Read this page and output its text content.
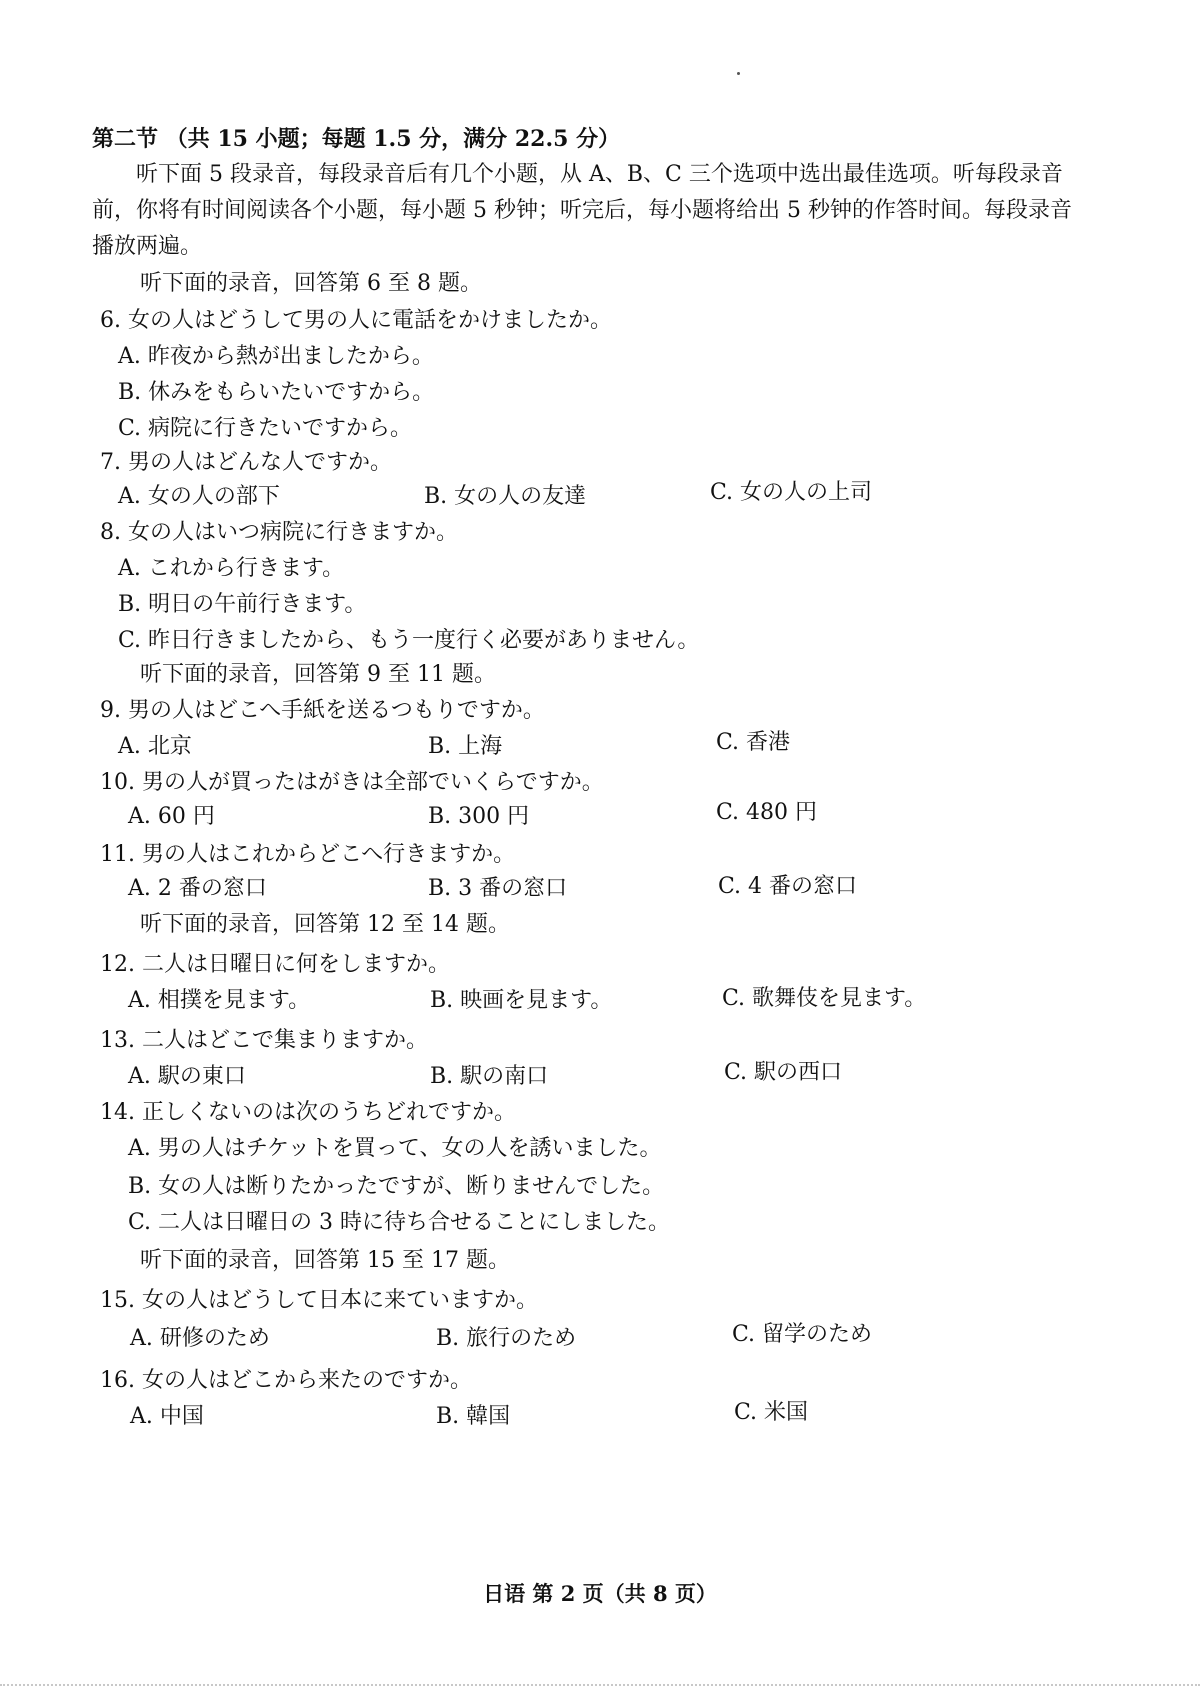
第二节 （共 15 小题；每题 1.5 分，满分 22.5 分）
听下面 5 段录音，每段录音后有几个小题，从 A、B、C 三个选项中选出最佳选项。听每段录音
前，你将有时间阅读各个小题，每小题 5 秒钟；听完后，每小题将给出 5 秒钟的作答时间。每段录音
播放两遍。
听下面的录音，回答第 6 至 8 题。
6. 女の人はどうして男の人に電話をかけましたか。
A. 昨夜から熱が出ましたから。
B. 休みをもらいたいですから。
C. 病院に行きたいですから。
7. 男の人はどんな人ですか。
A. 女の人の部下	B. 女の人の友達	C. 女の人の上司
8. 女の人はいつ病院に行きますか。
A. これから行きます。
B. 明日の午前行きます。
C. 昨日行きましたから、もう一度行く必要がありません。
听下面的录音，回答第 9 至 11 题。
9. 男の人はどこへ手紙を送るつもりですか。
A. 北京	B. 上海	C. 香港
10. 男の人が買ったはがきは全部でいくらですか。
A. 60 円	B. 300 円	C. 480 円
11. 男の人はこれからどこへ行きますか。
A. 2 番の窓口	B. 3 番の窓口	C. 4 番の窓口
听下面的录音，回答第 12 至 14 题。
12. 二人は日曜日に何をしますか。
A. 相撲を見ます。	B. 映画を見ます。	C. 歌舞伎を見ます。
13. 二人はどこで集まりますか。
A. 駅の東口	B. 駅の南口	C. 駅の西口
14. 正しくないのは次のうちどれですか。
A. 男の人はチケットを買って、女の人を誘いました。
B. 女の人は断りたかったですが、断りませんでした。
C. 二人は日曜日の 3 時に待ち合せることにしました。
听下面的录音，回答第 15 至 17 题。
15. 女の人はどうして日本に来ていますか。
A. 研修のため	B. 旅行のため	C. 留学のため
16. 女の人はどこから来たのですか。
A. 中国	B. 韓国	C. 米国
日语 第 2 页（共 8 页）
